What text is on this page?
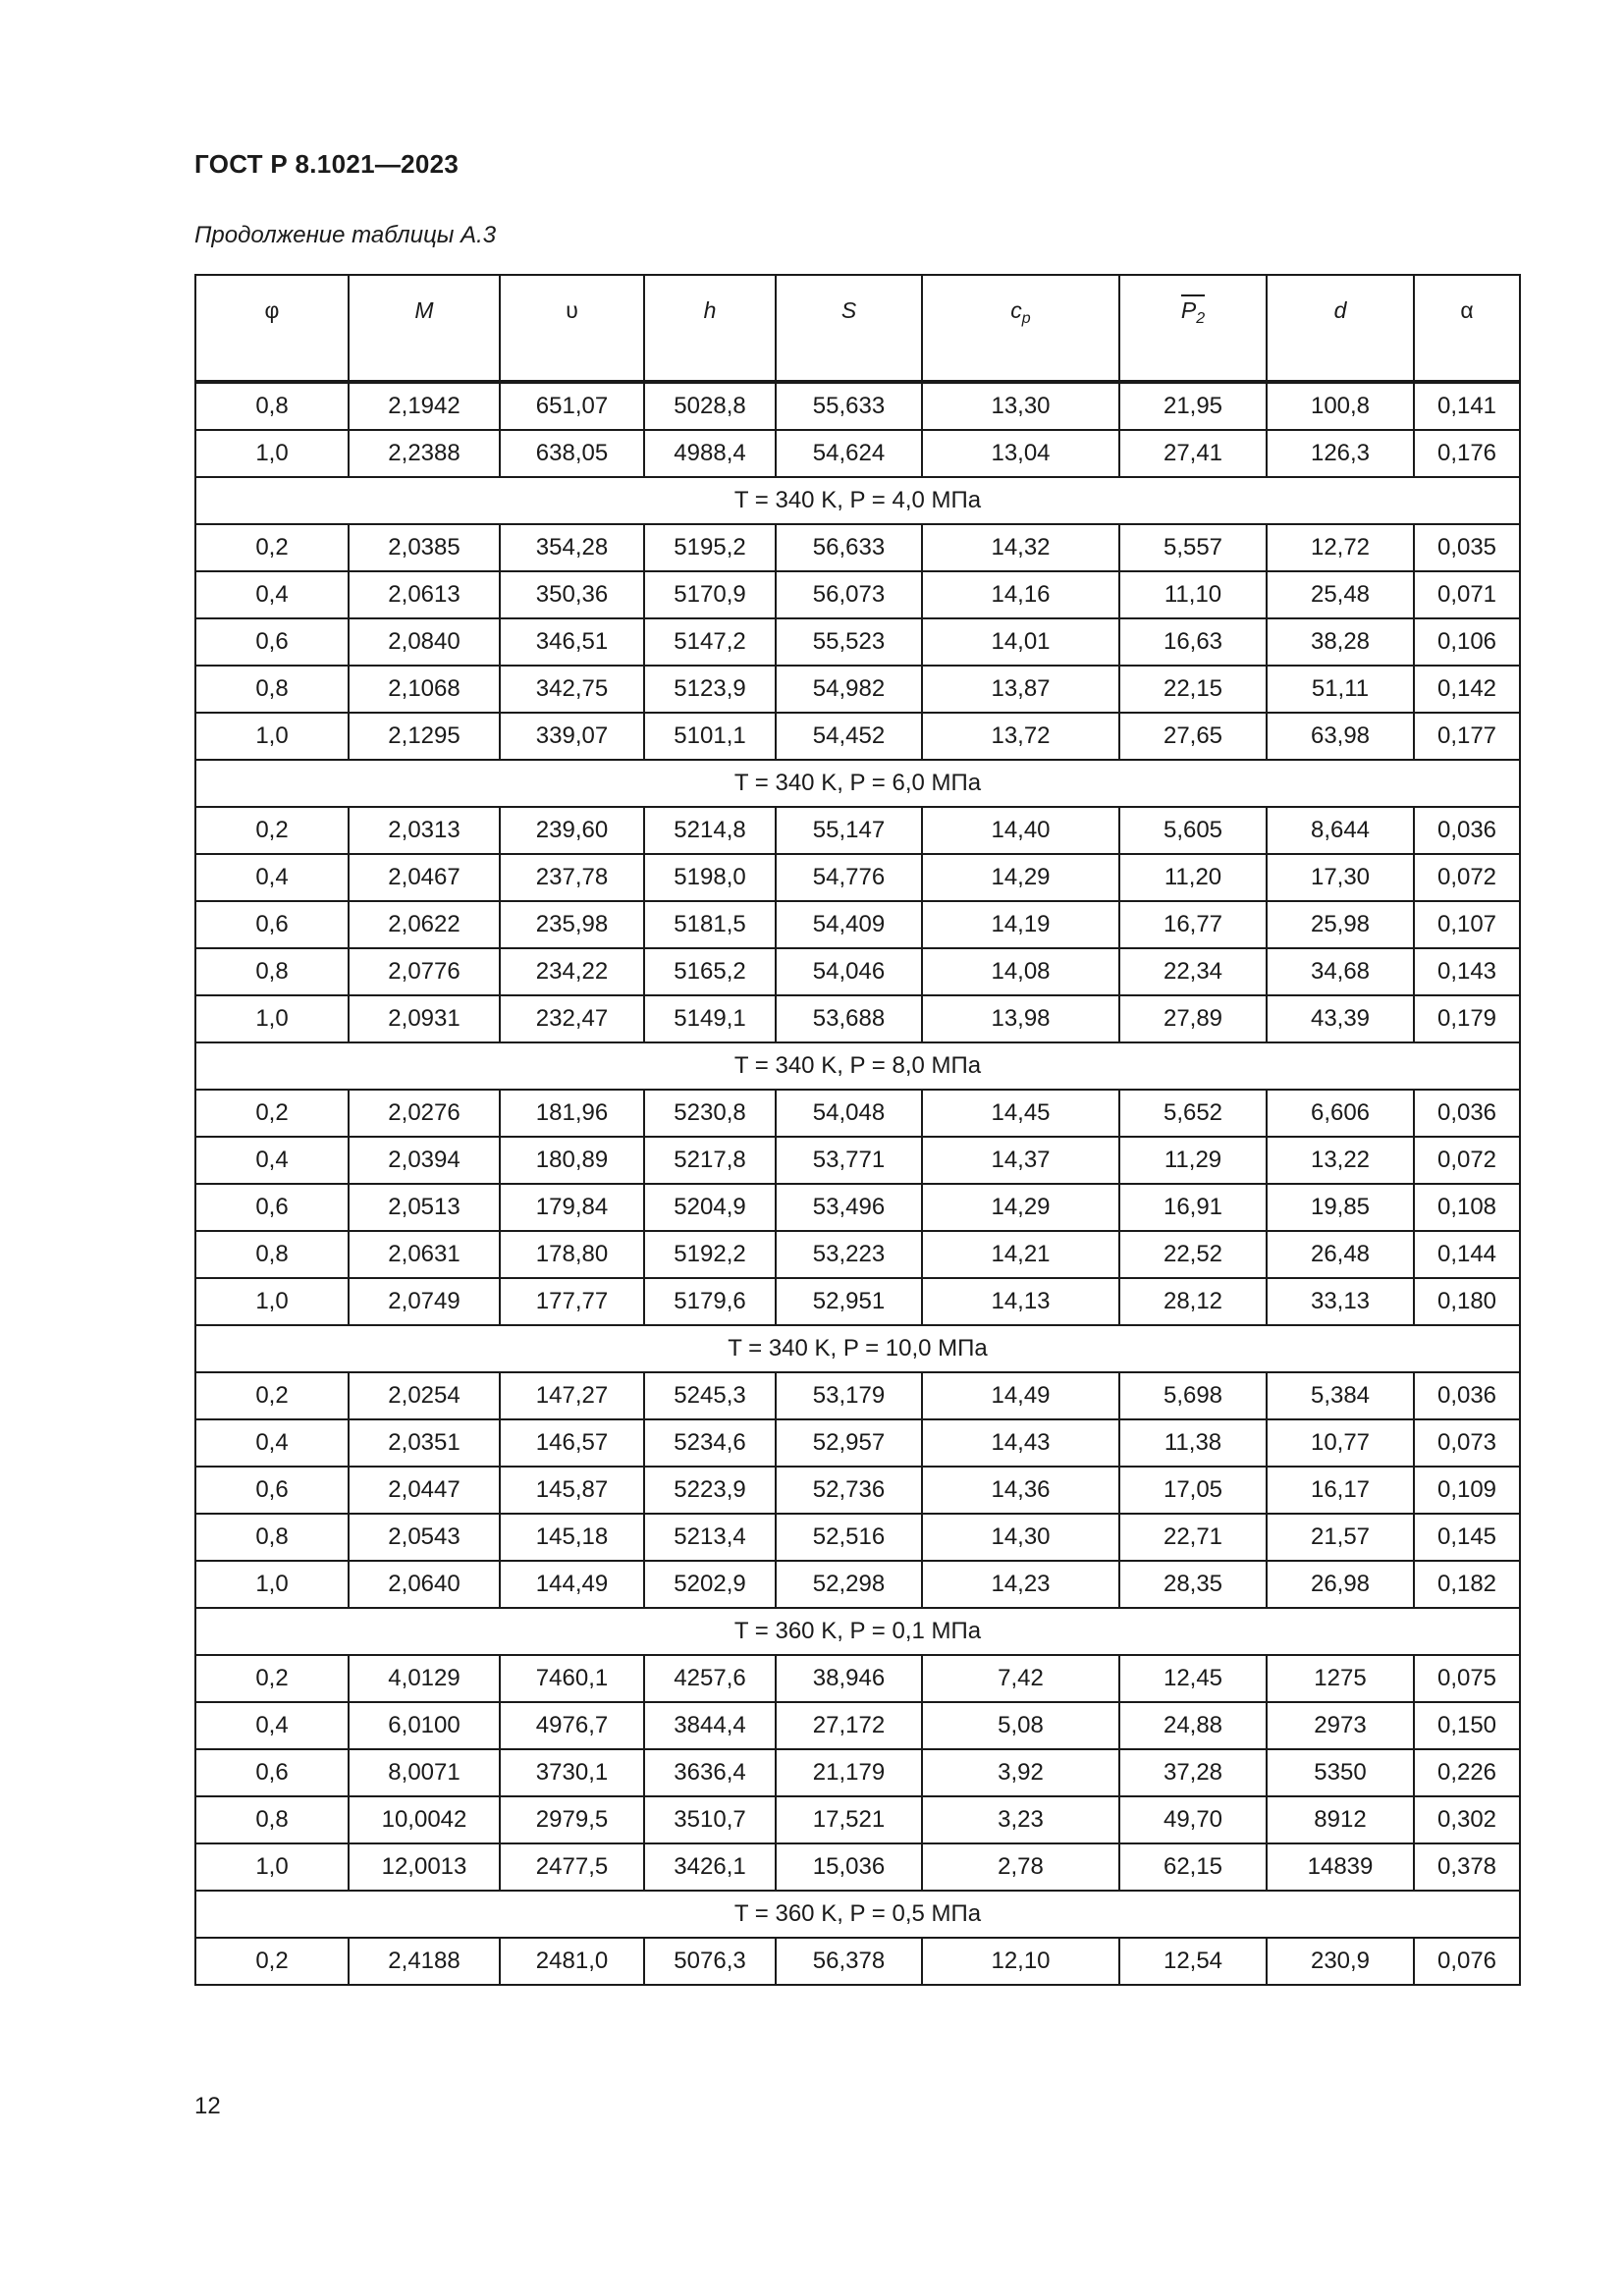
ГОСТ Р 8.1021—2023
Продолжение таблицы А.3
φ	M	υ	h	S	$c_p$	$P_2$	d	α
0,8	2,1942	651,07	5028,8	55,633	13,30	21,95	100,8	0,141
1,0	2,2388	638,05	4988,4	54,624	13,04	27,41	126,3	0,176
T = 340 K, P = 4,0 МПа								
0,2	2,0385	354,28	5195,2	56,633	14,32	5,557	12,72	0,035
0,4	2,0613	350,36	5170,9	56,073	14,16	11,10	25,48	0,071
0,6	2,0840	346,51	5147,2	55,523	14,01	16,63	38,28	0,106
0,8	2,1068	342,75	5123,9	54,982	13,87	22,15	51,11	0,142
1,0	2,1295	339,07	5101,1	54,452	13,72	27,65	63,98	0,177
T = 340 K, P = 6,0 МПа								
0,2	2,0313	239,60	5214,8	55,147	14,40	5,605	8,644	0,036
0,4	2,0467	237,78	5198,0	54,776	14,29	11,20	17,30	0,072
0,6	2,0622	235,98	5181,5	54,409	14,19	16,77	25,98	0,107
0,8	2,0776	234,22	5165,2	54,046	14,08	22,34	34,68	0,143
1,0	2,0931	232,47	5149,1	53,688	13,98	27,89	43,39	0,179
T = 340 K, P = 8,0 МПа								
0,2	2,0276	181,96	5230,8	54,048	14,45	5,652	6,606	0,036
0,4	2,0394	180,89	5217,8	53,771	14,37	11,29	13,22	0,072
0,6	2,0513	179,84	5204,9	53,496	14,29	16,91	19,85	0,108
0,8	2,0631	178,80	5192,2	53,223	14,21	22,52	26,48	0,144
1,0	2,0749	177,77	5179,6	52,951	14,13	28,12	33,13	0,180
T = 340 K, P = 10,0 МПа								
0,2	2,0254	147,27	5245,3	53,179	14,49	5,698	5,384	0,036
0,4	2,0351	146,57	5234,6	52,957	14,43	11,38	10,77	0,073
0,6	2,0447	145,87	5223,9	52,736	14,36	17,05	16,17	0,109
0,8	2,0543	145,18	5213,4	52,516	14,30	22,71	21,57	0,145
1,0	2,0640	144,49	5202,9	52,298	14,23	28,35	26,98	0,182
T = 360 K, P = 0,1 МПа								
0,2	4,0129	7460,1	4257,6	38,946	7,42	12,45	1275	0,075
0,4	6,0100	4976,7	3844,4	27,172	5,08	24,88	2973	0,150
0,6	8,0071	3730,1	3636,4	21,179	3,92	37,28	5350	0,226
0,8	10,0042	2979,5	3510,7	17,521	3,23	49,70	8912	0,302
1,0	12,0013	2477,5	3426,1	15,036	2,78	62,15	14839	0,378
T = 360 K, P = 0,5 МПа								
0,2	2,4188	2481,0	5076,3	56,378	12,10	12,54	230,9	0,076
12
